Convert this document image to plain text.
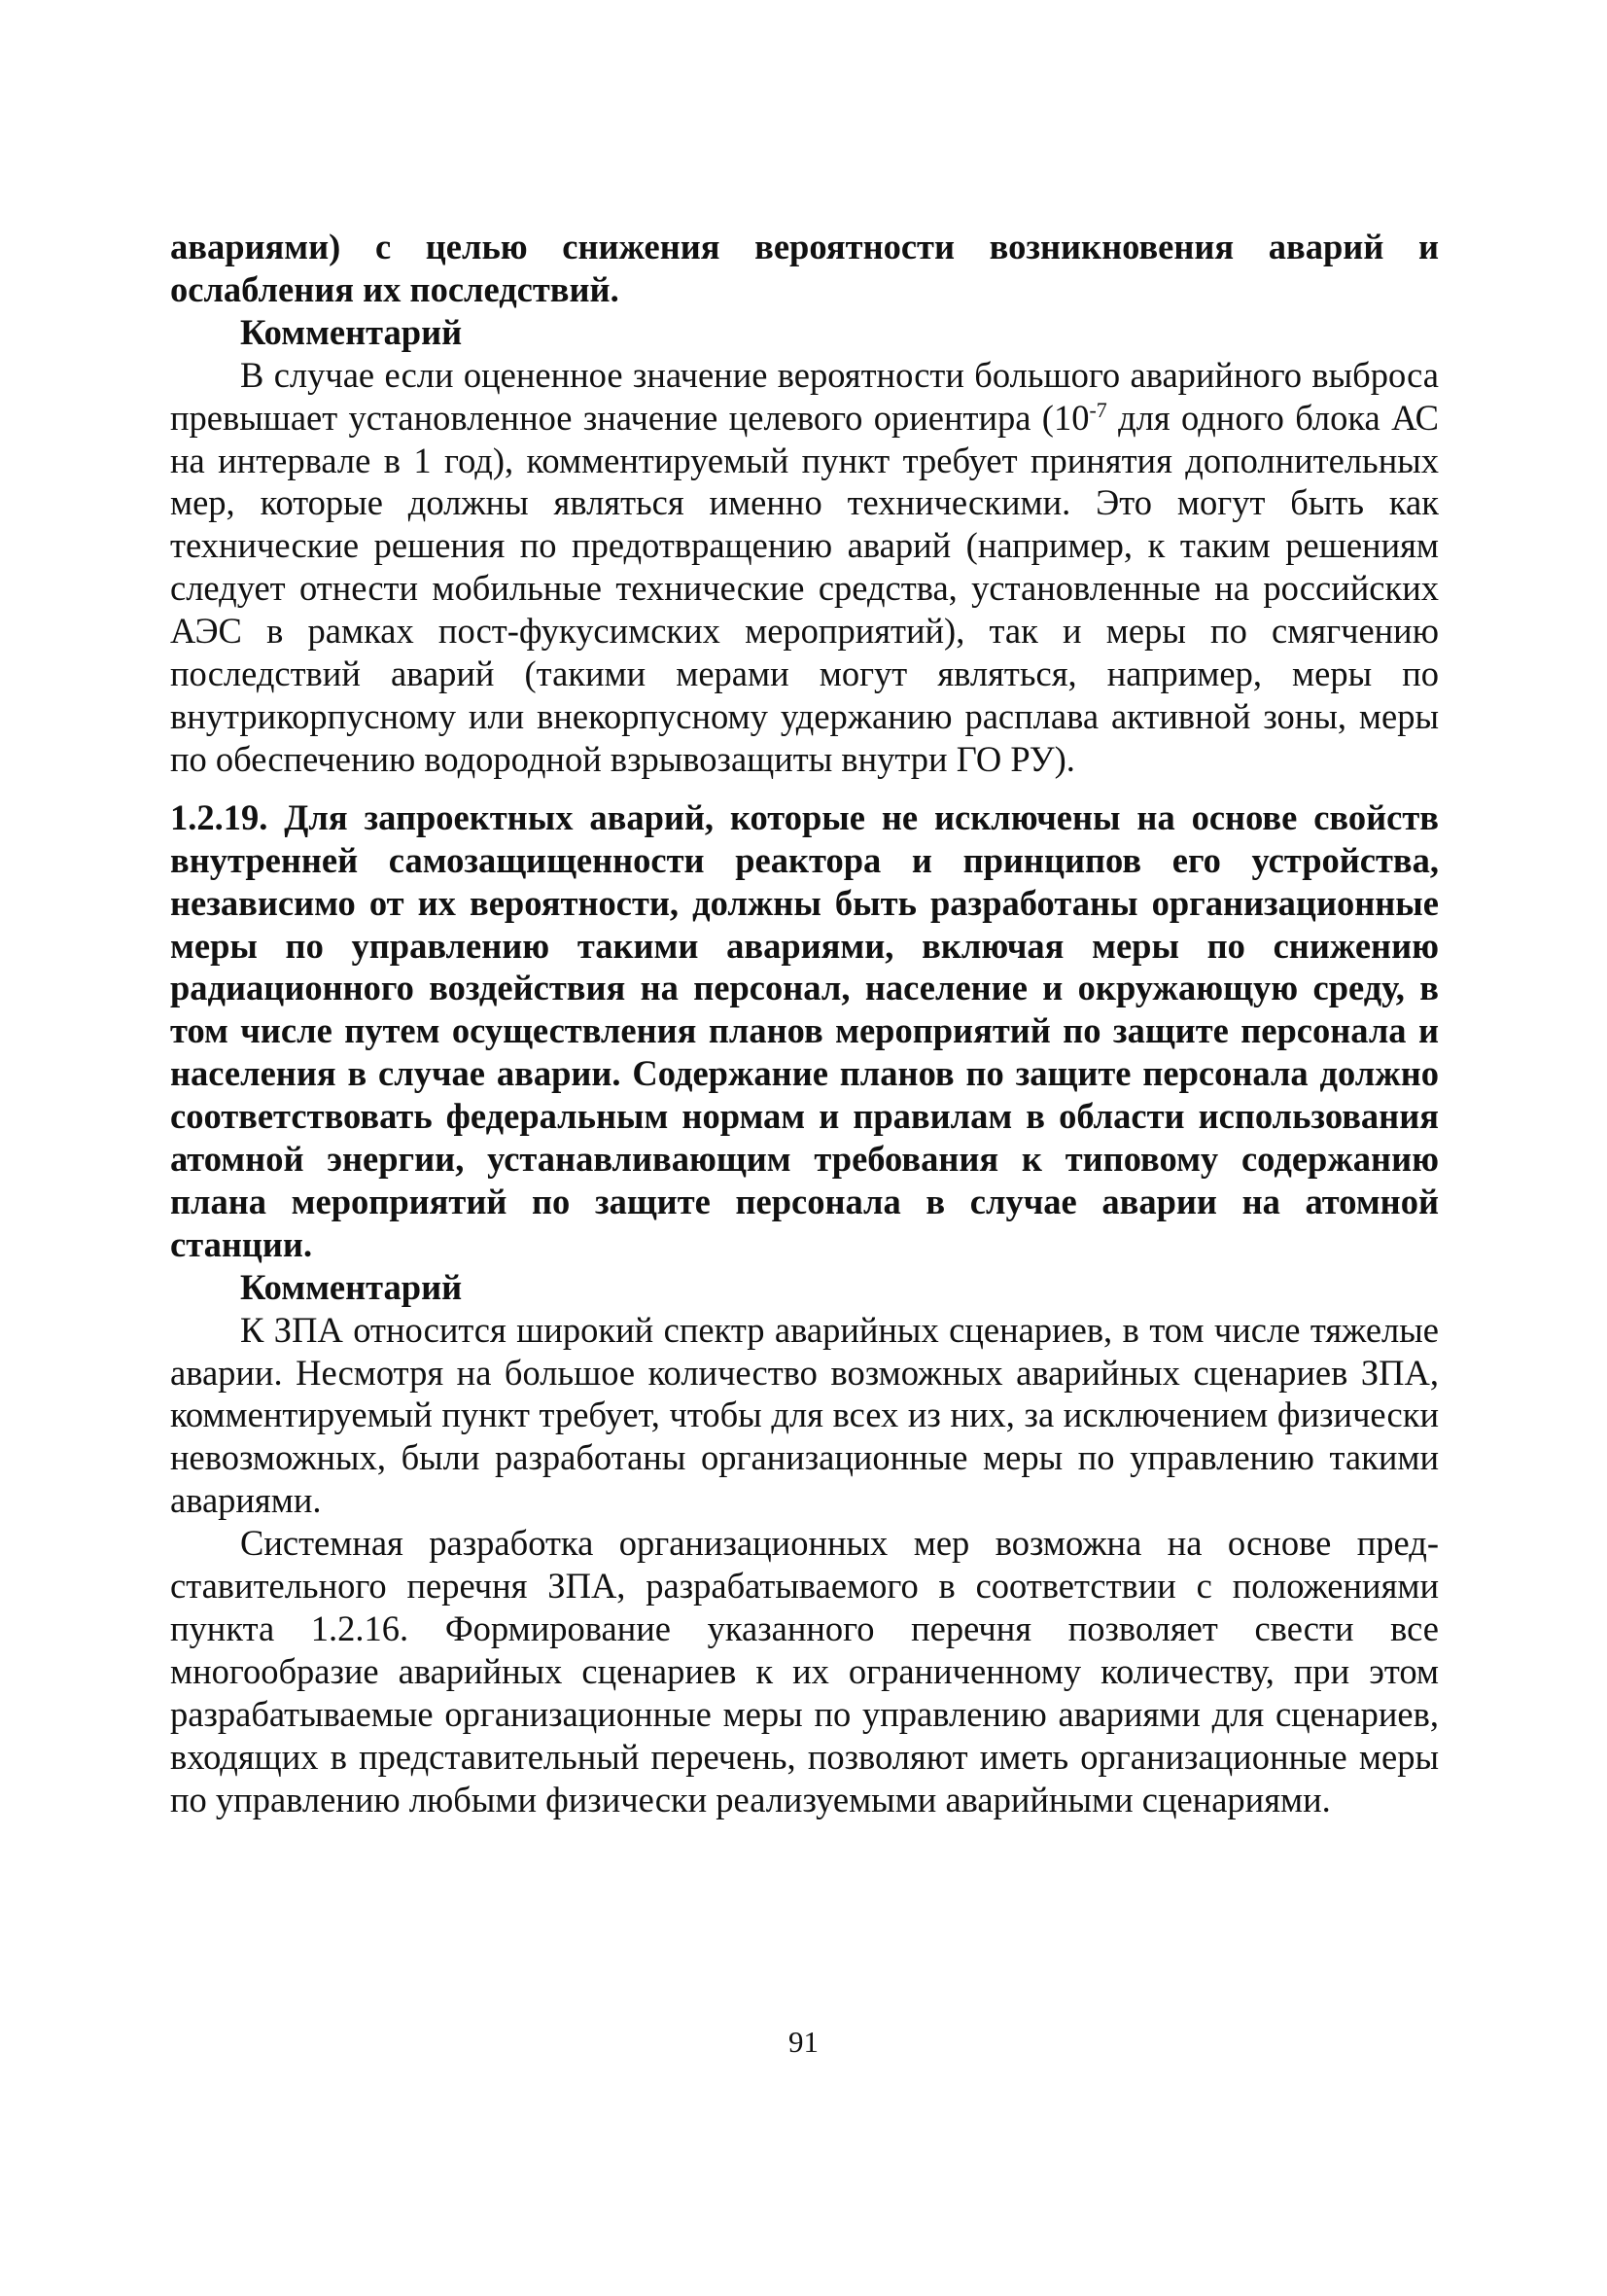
авариями) с целью снижения вероятности возникновения аварий и ослабления их последствий.

Комментарий

В случае если оцененное значение вероятности большого аварийного выброса превышает установленное значение целевого ориентира ($10^{-7}$ для одного блока АС на интервале в 1 год), комментируемый пункт требует принятия дополнительных мер, которые должны являться именно техническими. Это могут быть как технические решения по предотвращению аварий (например, к таким решениям следует отнести мобильные технические средства, установленные на российских АЭС в рамках пост-фукусимских мероприятий), так и меры по смягчению последствий аварий (такими мерами могут являться, например, меры по внутрикорпусному или внекорпусному удержанию расплава активной зоны, меры по обеспечению водородной взрывозащиты внутри ГО РУ).

1.2.19. Для запроектных аварий, которые не исключены на основе свойств внутренней самозащищенности реактора и принципов его устройства, независимо от их вероятности, должны быть разработаны организационные меры по управлению такими авариями, включая меры по снижению радиационного воздействия на персонал, население и окружающую среду, в том числе путем осуществления планов мероприятий по защите персонала и населения в случае аварии. Содержание планов по защите персонала должно соответствовать федеральным нормам и правилам в области использования атомной энергии, устанавливающим требования к типовому содержанию плана мероприятий по защите персонала в случае аварии на атомной станции.

Комментарий

К ЗПА относится широкий спектр аварийных сценариев, в том числе тяжелые аварии. Несмотря на большое количество возможных аварийных сценариев ЗПА, комментируемый пункт требует, чтобы для всех из них, за исключением физически невозможных, были разработаны организационные меры по управлению такими авариями.

Системная разработка организационных мер возможна на основе представительного перечня ЗПА, разрабатываемого в соответствии с положениями пункта 1.2.16. Формирование указанного перечня позволяет свести все многообразие аварийных сценариев к их ограниченному количеству, при этом разрабатываемые организационные меры по управлению авариями для сценариев, входящих в представительный перечень, позволяют иметь организационные меры по управлению любыми физически реализуемыми аварийными сценариями.

91
